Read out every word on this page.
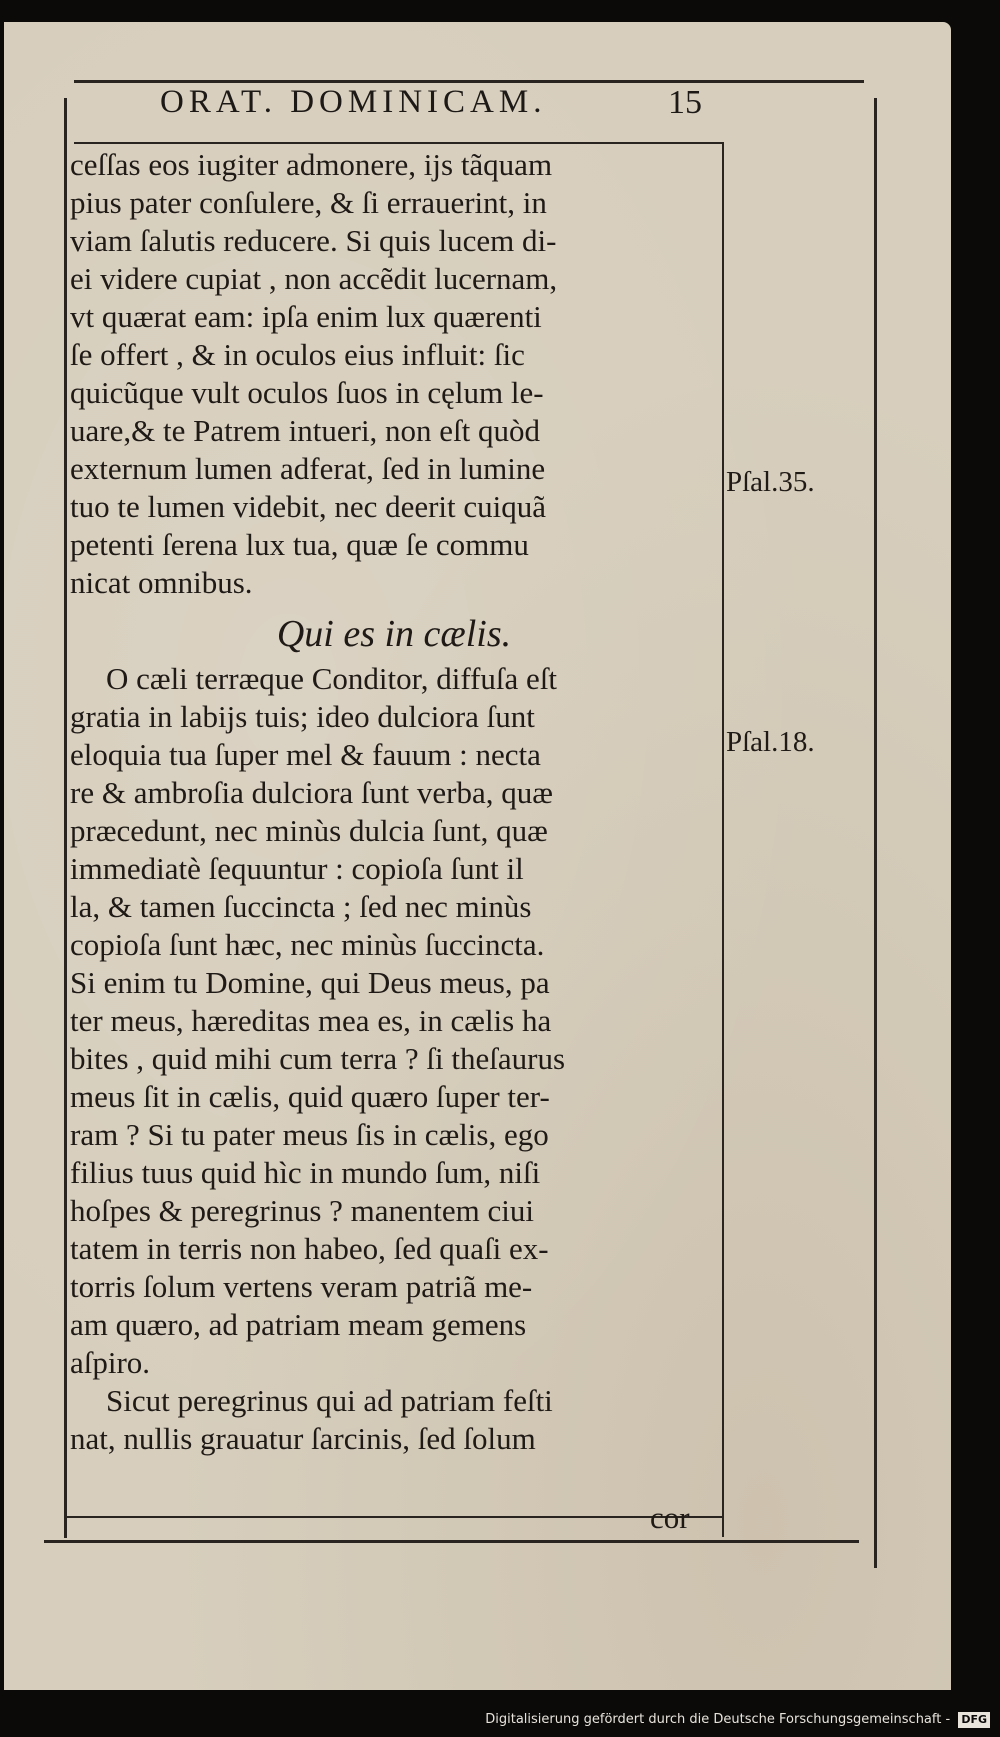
ORAT. DOMINICAM.	15
ceſſas eos iugiter admonere, ijs tãquam
pius pater conſulere, & ſi errauerint, in
viam ſalutis reducere. Si quis lucem di-
ei videre cupiat , non accẽdit lucernam,
vt quærat eam: ipſa enim lux quærenti
ſe offert , & in oculos eius influit: ſic
quicũque vult oculos ſuos in cęlum le-
uare,& te Patrem intueri, non eſt quòd
externum lumen adferat, ſed in lumine
tuo te lumen videbit, nec deerit cuiquã
petenti ſerena lux tua, quæ ſe commu
nicat omnibus.
Qui es in cælis.
O cæli terræque Conditor, diffuſa eſt
gratia in labijs tuis; ideo dulciora ſunt
eloquia tua ſuper mel & fauum : necta
re & ambroſia dulciora ſunt verba, quæ
præcedunt, nec minùs dulcia ſunt, quæ
immediatè ſequuntur : copioſa ſunt il
la, & tamen ſuccincta ; ſed nec minùs
copioſa ſunt hæc, nec minùs ſuccincta.
Si enim tu Domine, qui Deus meus, pa
ter meus, hæreditas mea es, in cælis ha
bites , quid mihi cum terra ? ſi theſaurus
meus ſit in cælis, quid quæro ſuper ter-
ram ? Si tu pater meus ſis in cælis, ego
filius tuus quid hìc in mundo ſum, niſi
hoſpes & peregrinus ? manentem ciui
tatem in terris non habeo, ſed quaſi ex-
torris ſolum vertens veram patriã me-
am quæro, ad patriam meam gemens
aſpiro.
Sicut peregrinus qui ad patriam feſti
nat, nullis grauatur ſarcinis, ſed ſolum
Pſal.35.
Pſal.18.
cor
Digitalisierung gefördert durch die Deutsche Forschungsgemeinschaft - DFG
